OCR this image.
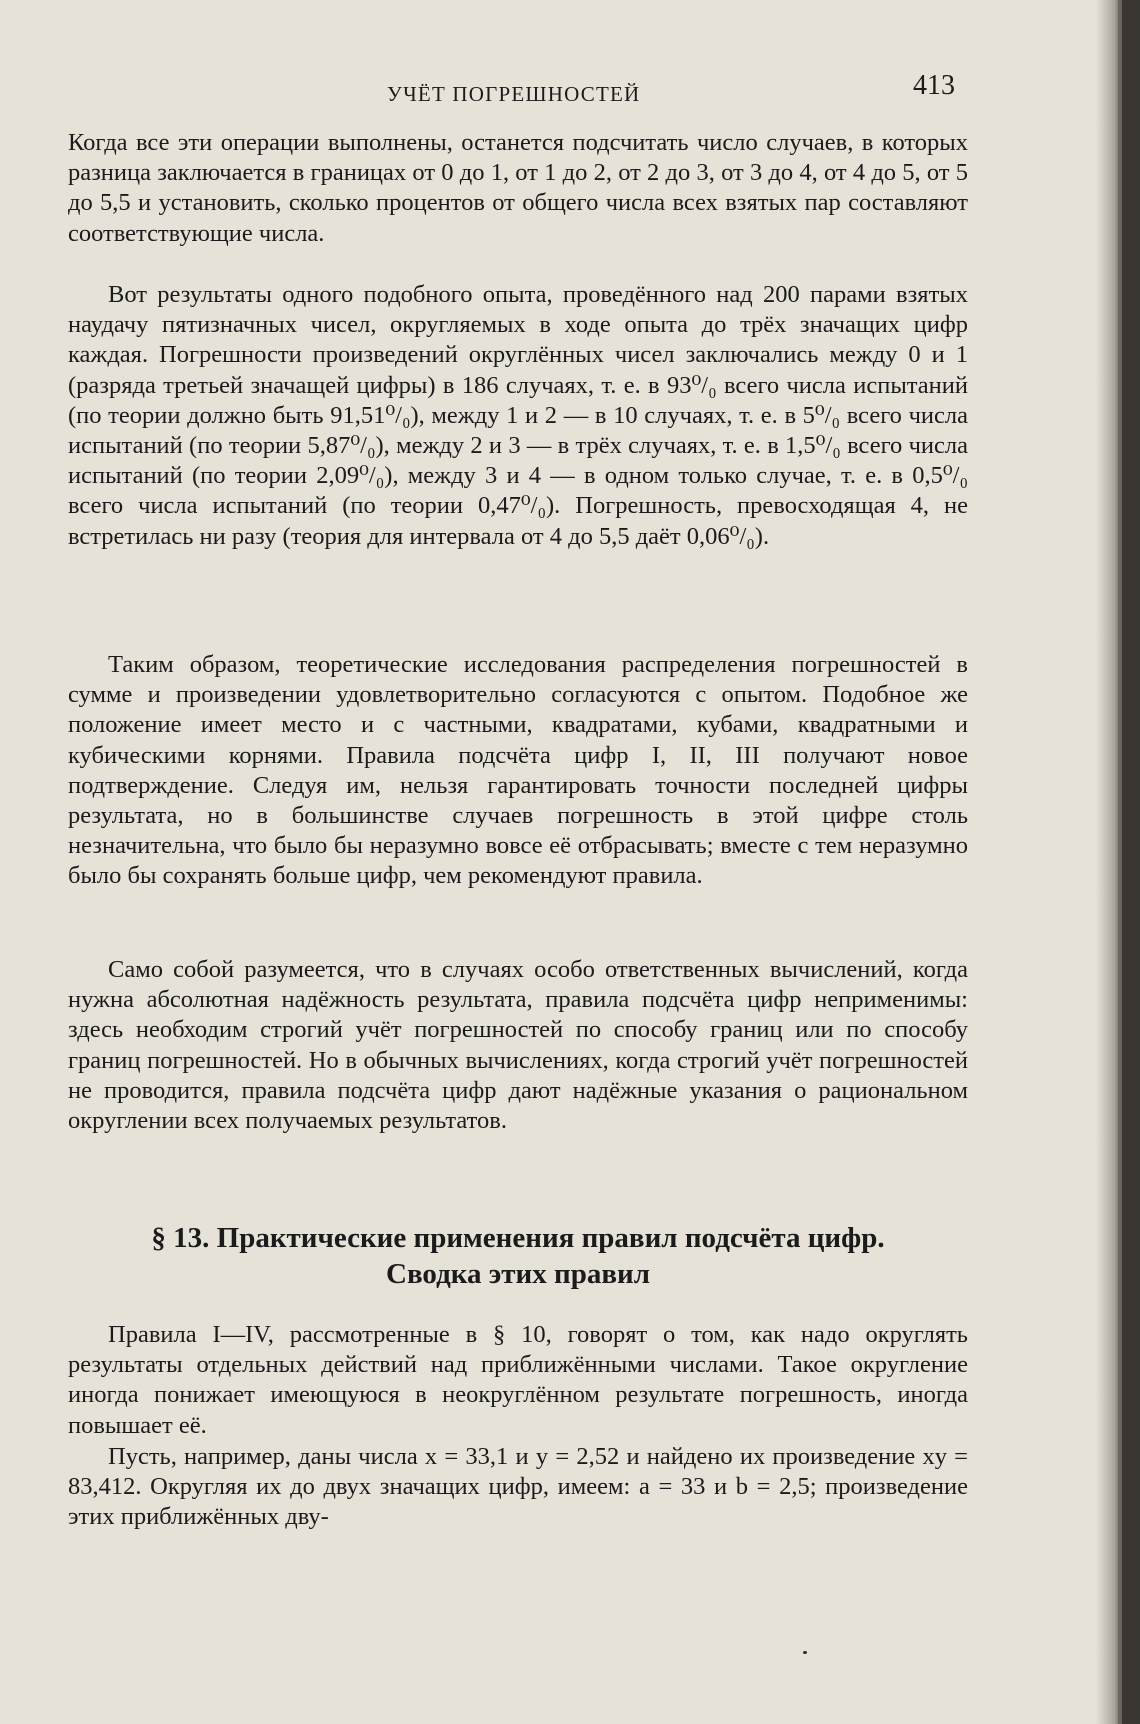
УЧЁТ ПОГРЕШНОСТЕЙ	413

Когда все эти операции выполнены, останется подсчитать число случаев, в которых разница заключается в границах от 0 до 1, от 1 до 2, от 2 до 3, от 3 до 4, от 4 до 5, от 5 до 5,5 и установить, сколько процентов от общего числа всех взятых пар составляют соответствующие числа.

Вот результаты одного подобного опыта, проведённого над 200 парами взятых наудачу пятизначных чисел, округляемых в ходе опыта до трёх значащих цифр каждая. Погрешности произведений округлённых чисел заключались между 0 и 1 (разряда третьей значащей цифры) в 186 случаях, т. е. в 93⁰/₀ всего числа испытаний (по теории должно быть 91,51⁰/₀), между 1 и 2 — в 10 случаях, т. е. в 5⁰/₀ всего числа испытаний (по теории 5,87⁰/₀), между 2 и 3 — в трёх случаях, т. е. в 1,5⁰/₀ всего числа испытаний (по теории 2,09⁰/₀), между 3 и 4 — в одном только случае, т. е. в 0,5⁰/₀ всего числа испытаний (по теории 0,47⁰/₀). Погрешность, превосходящая 4, не встретилась ни разу (теория для интервала от 4 до 5,5 даёт 0,06⁰/₀).

Таким образом, теоретические исследования распределения погрешностей в сумме и произведении удовлетворительно согласуются с опытом. Подобное же положение имеет место и с частными, квадратами, кубами, квадратными и кубическими корнями. Правила подсчёта цифр I, II, III получают новое подтверждение. Следуя им, нельзя гарантировать точности последней цифры результата, но в большинстве случаев погрешность в этой цифре столь незначительна, что было бы неразумно вовсе её отбрасывать; вместе с тем неразумно было бы сохранять больше цифр, чем рекомендуют правила.

Само собой разумеется, что в случаях особо ответственных вычислений, когда нужна абсолютная надёжность результата, правила подсчёта цифр неприменимы: здесь необходим строгий учёт погрешностей по способу границ или по способу границ погрешностей. Но в обычных вычислениях, когда строгий учёт погрешностей не проводится, правила подсчёта цифр дают надёжные указания о рациональном округлении всех получаемых результатов.

§ 13. Практические применения правил подсчёта цифр.
Сводка этих правил

Правила I—IV, рассмотренные в § 10, говорят о том, как надо округлять результаты отдельных действий над приближёнными числами. Такое округление иногда понижает имеющуюся в неокруглённом результате погрешность, иногда повышает её.

Пусть, например, даны числа x = 33,1 и y = 2,52 и найдено их произведение xy = 83,412. Округляя их до двух значащих цифр, имеем: a = 33 и b = 2,5; произведение этих приближённых дву-
